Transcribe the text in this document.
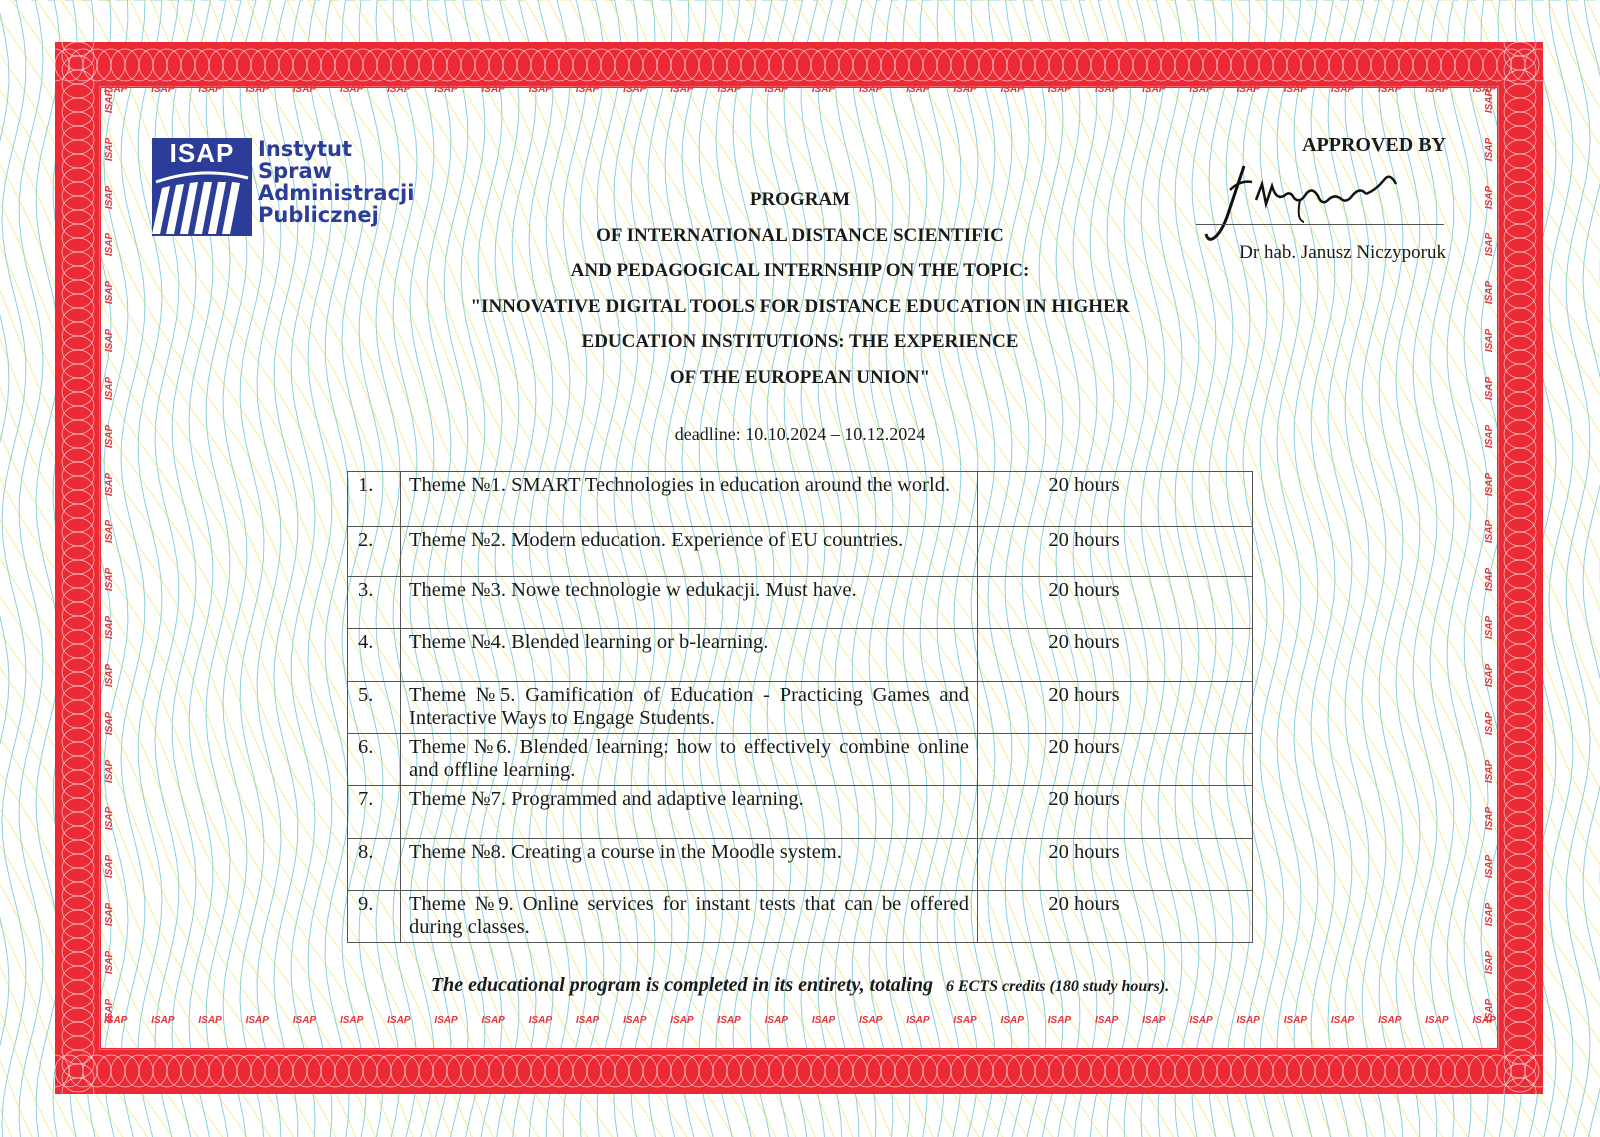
ISAP ISAP ISAP ISAP ISAP ISAP ISAP ISAP ISAP ISAP ISAP ISAP ISAP ISAP ISAP ISAP ISAP ISAP ISAP ISAP ISAP ISAP ISAP ISAP ISAP ISAP ISAP ISAP ISAP ISAP
ISAP ISAP ISAP ISAP ISAP ISAP ISAP ISAP ISAP ISAP ISAP ISAP ISAP ISAP ISAP ISAP ISAP ISAP ISAP ISAP ISAP ISAP ISAP ISAP ISAP ISAP ISAP ISAP ISAP ISAP
ISAP
ISAP
ISAP
ISAP
ISAP
ISAP
ISAP
ISAP
ISAP
ISAP
ISAP
ISAP
ISAP
ISAP
ISAP
ISAP
ISAP
ISAP
ISAP
ISAP
ISAP
ISAP
ISAP
ISAP
ISAP
ISAP
ISAP
ISAP
ISAP
ISAP
ISAP
ISAP
ISAP
ISAP
ISAP
ISAP
ISAP
ISAP
ISAP
ISAP
ISAP	Instytut
Spraw
Administracji
Publicznej
APPROVED BY
Dr hab. Janusz Niczyporuk
PROGRAM
OF INTERNATIONAL DISTANCE SCIENTIFIC
AND PEDAGOGICAL INTERNSHIP ON THE TOPIC:
"INNOVATIVE DIGITAL TOOLS FOR DISTANCE EDUCATION IN HIGHER
EDUCATION INSTITUTIONS: THE EXPERIENCE
OF THE EUROPEAN UNION"
deadline: 10.10.2024 – 10.12.2024
1.	Theme №1. SMART Technologies in education around the world.	20 hours
2.	Theme №2. Modern education. Experience of EU countries.	20 hours
3.	Theme №3. Nowe technologie w edukacji. Must have.	20 hours
4.	Theme №4. Blended learning or b-learning.	20 hours
5.	Theme №5. Gamification of Education - Practicing Games and Interactive Ways to Engage Students.	20 hours
6.	Theme №6. Blended learning: how to effectively combine online and offline learning.	20 hours
7.	Theme №7. Programmed and adaptive learning.	20 hours
8.	Theme №8. Creating a course in the Moodle system.	20 hours
9.	Theme №9. Online services for instant tests that can be offered during classes.	20 hours
The educational program is completed in its entirety, totaling 6 ECTS credits (180 study hours).
